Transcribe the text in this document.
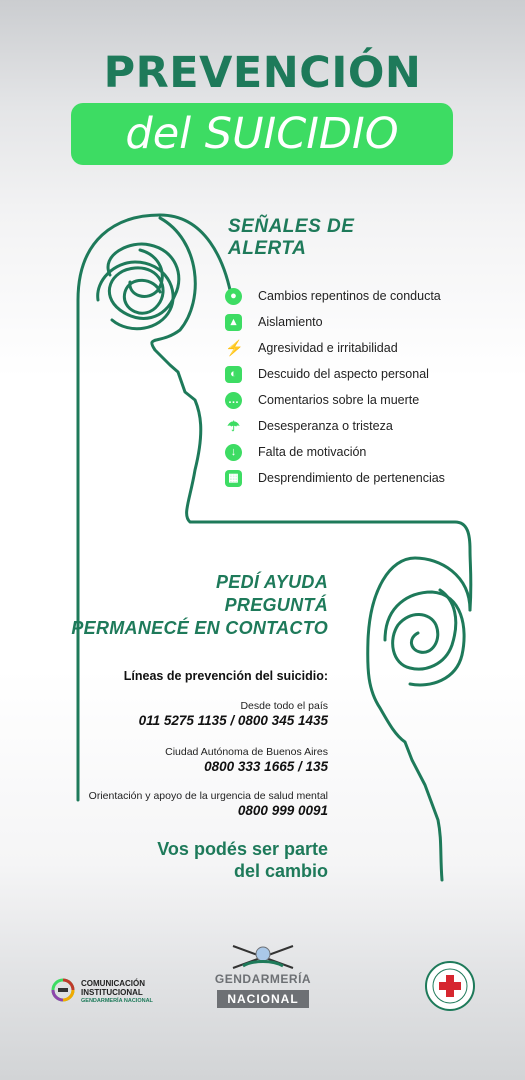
PREVENCIÓN
del SUICIDIO
SEÑALES DE ALERTA
●	Cambios repentinos de conducta
▴	Aislamiento
⚡ Agresividad e irritabilidad
◐	Descuido del aspecto personal
… Comentarios sobre la muerte
☂ Desesperanza o tristeza
↓	Falta de motivación
▦ Desprendimiento de pertenencias
PEDÍ AYUDA
PREGUNTÁ
PERMANECÉ EN CONTACTO
Líneas de prevención del suicidio:
Desde todo el país
011 5275 1135 / 0800 345 1435
Ciudad Autónoma de Buenos Aires
0800 333 1665 / 135
Orientación y apoyo de la urgencia de salud mental
0800 999 0091
Vos podés ser parte
del cambio
COMUNICACIÓN
INSTITUCIONAL
GENDARMERÍA NACIONAL
GENDARMERÍA
NACIONAL
